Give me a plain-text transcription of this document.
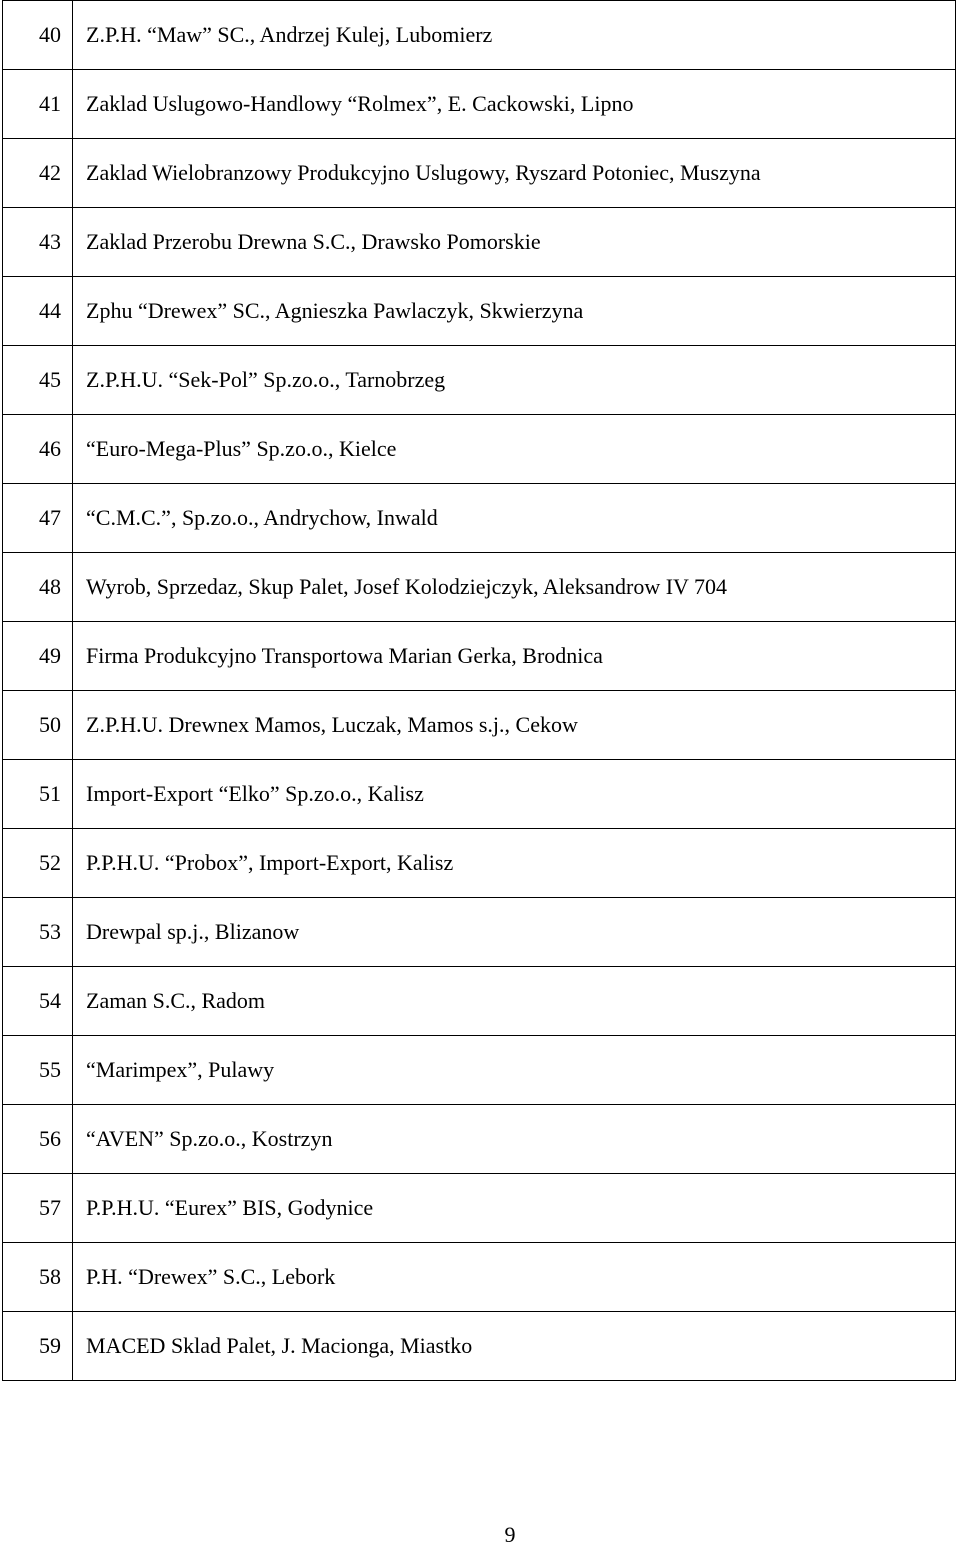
40	Z.P.H. “Maw” SC., Andrzej Kulej, Lubomierz
41	Zaklad Uslugowo-Handlowy “Rolmex”, E. Cackowski, Lipno
42	Zaklad Wielobranzowy Produkcyjno Uslugowy, Ryszard Potoniec, Muszyna
43	Zaklad Przerobu Drewna S.C., Drawsko Pomorskie
44	Zphu “Drewex” SC., Agnieszka Pawlaczyk, Skwierzyna
45	Z.P.H.U. “Sek-Pol” Sp.zo.o., Tarnobrzeg
46	“Euro-Mega-Plus” Sp.zo.o., Kielce
47	“C.M.C.”, Sp.zo.o., Andrychow, Inwald
48	Wyrob, Sprzedaz, Skup Palet, Josef Kolodziejczyk, Aleksandrow IV 704
49	Firma Produkcyjno Transportowa Marian Gerka, Brodnica
50	Z.P.H.U. Drewnex Mamos, Luczak, Mamos s.j., Cekow
51	Import-Export “Elko” Sp.zo.o., Kalisz
52	P.P.H.U. “Probox”, Import-Export, Kalisz
53	Drewpal sp.j., Blizanow
54	Zaman S.C., Radom
55	“Marimpex”, Pulawy
56	“AVEN” Sp.zo.o., Kostrzyn
57	P.P.H.U. “Eurex” BIS, Godynice
58	P.H. “Drewex” S.C., Lebork
59	MACED Sklad Palet, J. Macionga, Miastko
9
